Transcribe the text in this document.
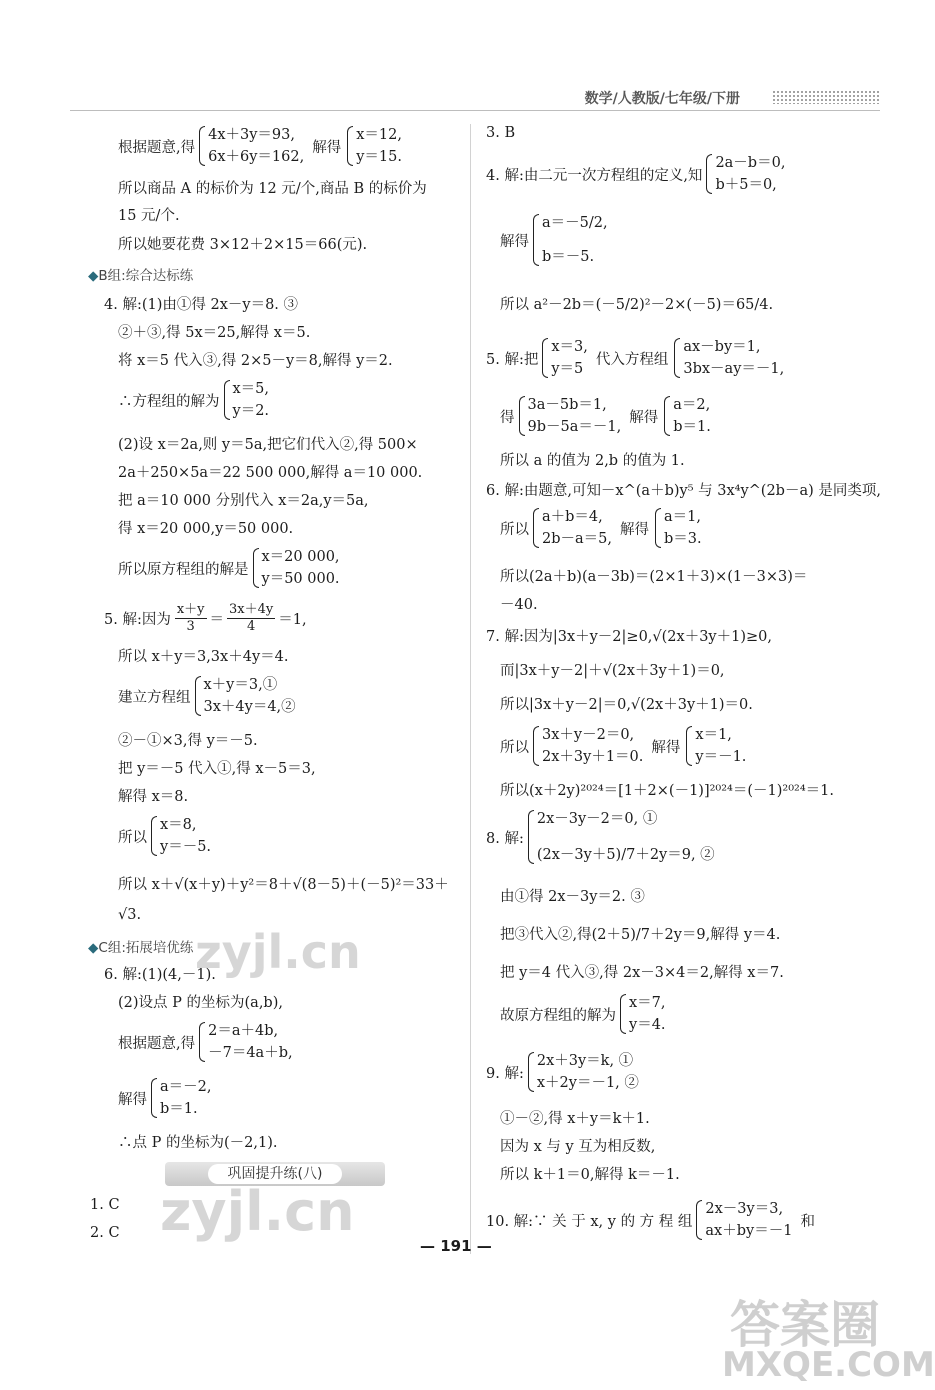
数学/人教版/七年级/下册
根据题意,得
4x＋3y＝93,
6x＋6y＝162,
解得
x＝12,
y＝15.
所以商品 A 的标价为 12 元/个,商品 B 的标价为
15 元/个.
所以她要花费 3×12＋2×15＝66(元).
◆B组:综合达标练
4. 解:(1)由①得 2x－y＝8. ③
②＋③,得 5x＝25,解得 x＝5.
将 x＝5 代入③,得 2×5－y＝8,解得 y＝2.
∴方程组的解为
x＝5,
y＝2.
(2)设 x＝2a,则 y＝5a,把它们代入②,得 500×
2a＋250×5a＝22 500 000,解得 a＝10 000.
把 a＝10 000 分别代入 x＝2a,y＝5a,
得 x＝20 000,y＝50 000.
所以原方程组的解是
x＝20 000,
y＝50 000.
5. 解:因为
x＋y
3 ＝
3x＋4y
4 ＝1,
所以 x＋y＝3,3x＋4y＝4.
建立方程组
x＋y＝3,①
3x＋4y＝4,②
②－①×3,得 y＝－5.
把 y＝－5 代入①,得 x－5＝3,
解得 x＝8.
所以
x＝8,
y＝－5.
所以 x＋√(x＋y)＋y²＝8＋√(8－5)＋(－5)²＝33＋
√3.
◆C组:拓展培优练
6. 解:(1)(4,－1).
(2)设点 P 的坐标为(a,b),
根据题意,得
2＝a＋4b,
－7＝4a＋b,
解得
a＝－2,
b＝1.
∴点 P 的坐标为(－2,1).
巩固提升练(八)
1. C
2. C
3. B
4. 解:由二元一次方程组的定义,知
2a－b＝0,
b＋5＝0,
解得
a＝－5/2,
b＝－5.
所以 a²－2b＝(－5/2)²－2×(－5)＝65/4.
5. 解:把
x＝3,
y＝5
代入方程组
ax－by＝1,
3bx－ay＝－1,
得
3a－5b＝1,
9b－5a＝－1,
解得
a＝2,
b＝1.
所以 a 的值为 2,b 的值为 1.
6. 解:由题意,可知－x^(a＋b)y⁵ 与 3x⁴y^(2b－a) 是同类项,
所以
a＋b＝4,
2b－a＝5,
解得
a＝1,
b＝3.
所以(2a＋b)(a－3b)＝(2×1＋3)×(1－3×3)＝
－40.
7. 解:因为|3x＋y－2|≥0,√(2x＋3y＋1)≥0,
而|3x＋y－2|＋√(2x＋3y＋1)＝0,
所以|3x＋y－2|＝0,√(2x＋3y＋1)＝0.
所以
3x＋y－2＝0,
2x＋3y＋1＝0.
解得
x＝1,
y＝－1.
所以(x＋2y)²⁰²⁴＝[1＋2×(－1)]²⁰²⁴＝(－1)²⁰²⁴＝1.
8. 解:
2x－3y－2＝0, ①
(2x－3y＋5)/7＋2y＝9, ②
由①得 2x－3y＝2. ③
把③代入②,得(2＋5)/7＋2y＝9,解得 y＝4.
把 y＝4 代入③,得 2x－3×4＝2,解得 x＝7.
故原方程组的解为
x＝7,
y＝4.
9. 解:
2x＋3y＝k, ①
x＋2y＝－1, ②
①－②,得 x＋y＝k＋1.
因为 x 与 y 互为相反数,
所以 k＋1＝0,解得 k＝－1.
10. 解:∵ 关 于 x, y 的 方 程 组
2x－3y＝3,
ax＋by＝－1
和
— 191 —
zyjl.cn
zyjl.cn
答案圈
MXQE.COM
